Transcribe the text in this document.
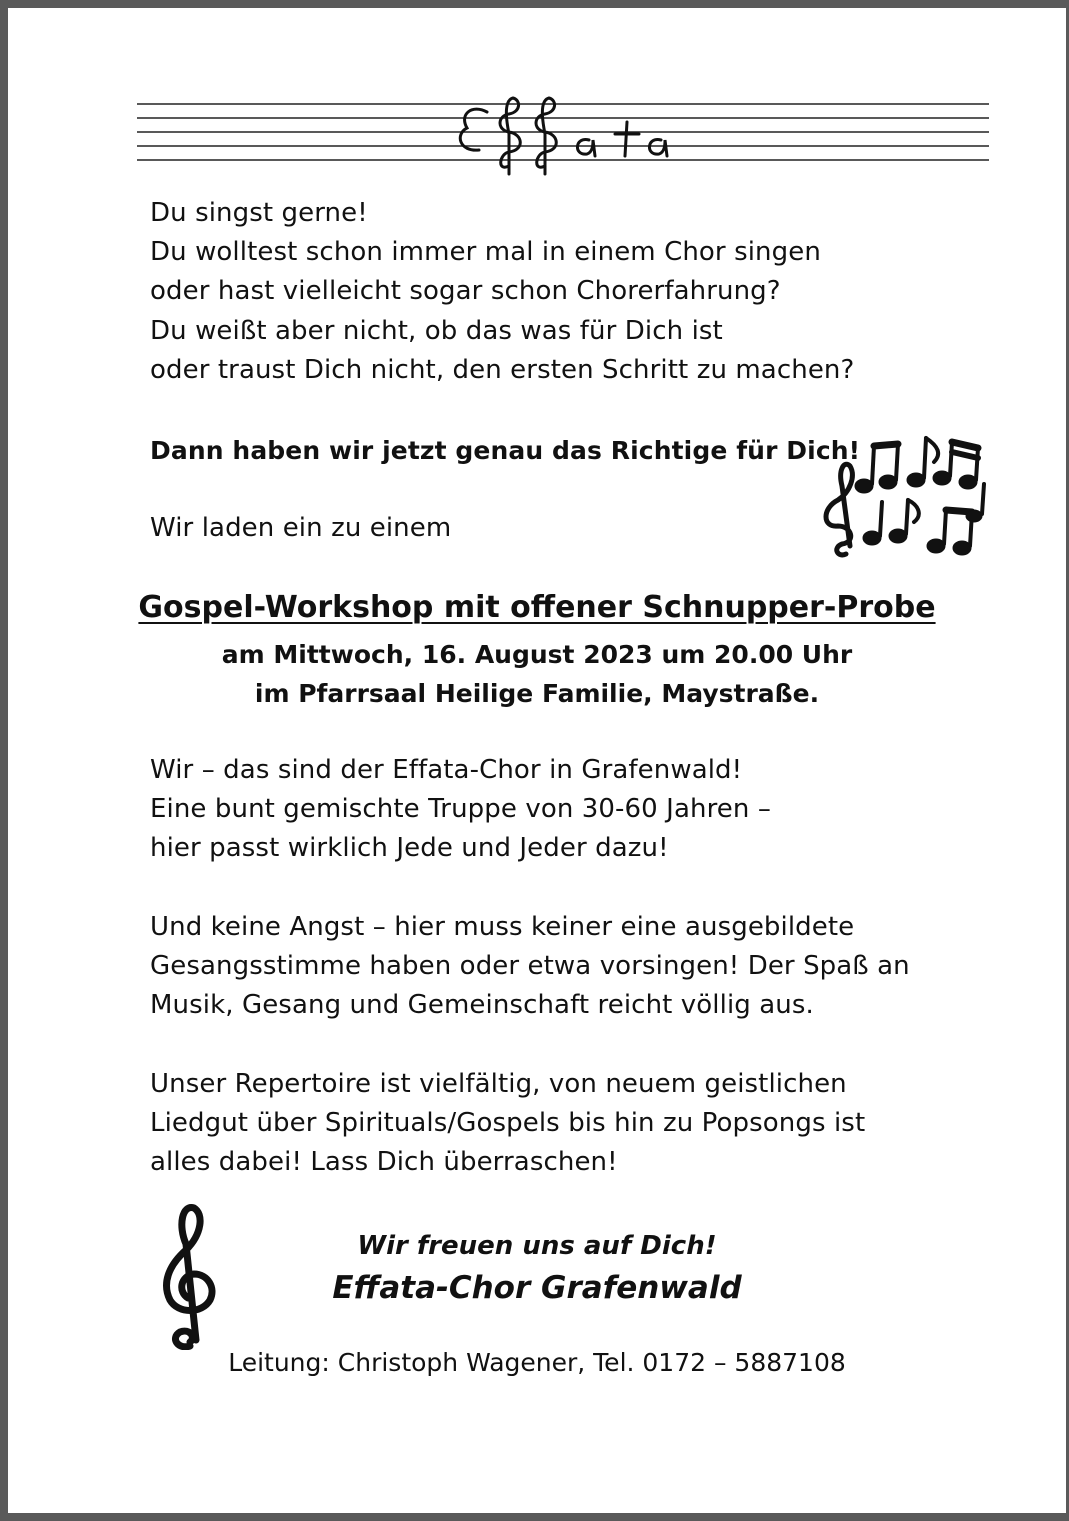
Du singst gerne!
Du wolltest schon immer mal in einem Chor singen
oder hast vielleicht sogar schon Chorerfahrung?
Du weißt aber nicht, ob das was für Dich ist
oder traust Dich nicht, den ersten Schritt zu machen?
Dann haben wir jetzt genau das Richtige für Dich!
Wir laden ein zu einem

Gospel-Workshop mit offener Schnupper-Probe

am Mittwoch, 16. August 2023 um 20.00 Uhr

im Pfarrsaal Heilige Familie, Maystraße.

Wir – das sind der Effata-Chor in Grafenwald!
Eine bunt gemischte Truppe von 30-60 Jahren –
hier passt wirklich Jede und Jeder dazu!
Und keine Angst – hier muss keiner eine ausgebildete
Gesangsstimme haben oder etwa vorsingen! Der Spaß an
Musik, Gesang und Gemeinschaft reicht völlig aus.
Unser Repertoire ist vielfältig, von neuem geistlichen
Liedgut über Spirituals/Gospels bis hin zu Popsongs ist
alles dabei! Lass Dich überraschen!

Wir freuen uns auf Dich!

Effata-Chor Grafenwald

Leitung: Christoph Wagener, Tel. 0172 – 5887108
